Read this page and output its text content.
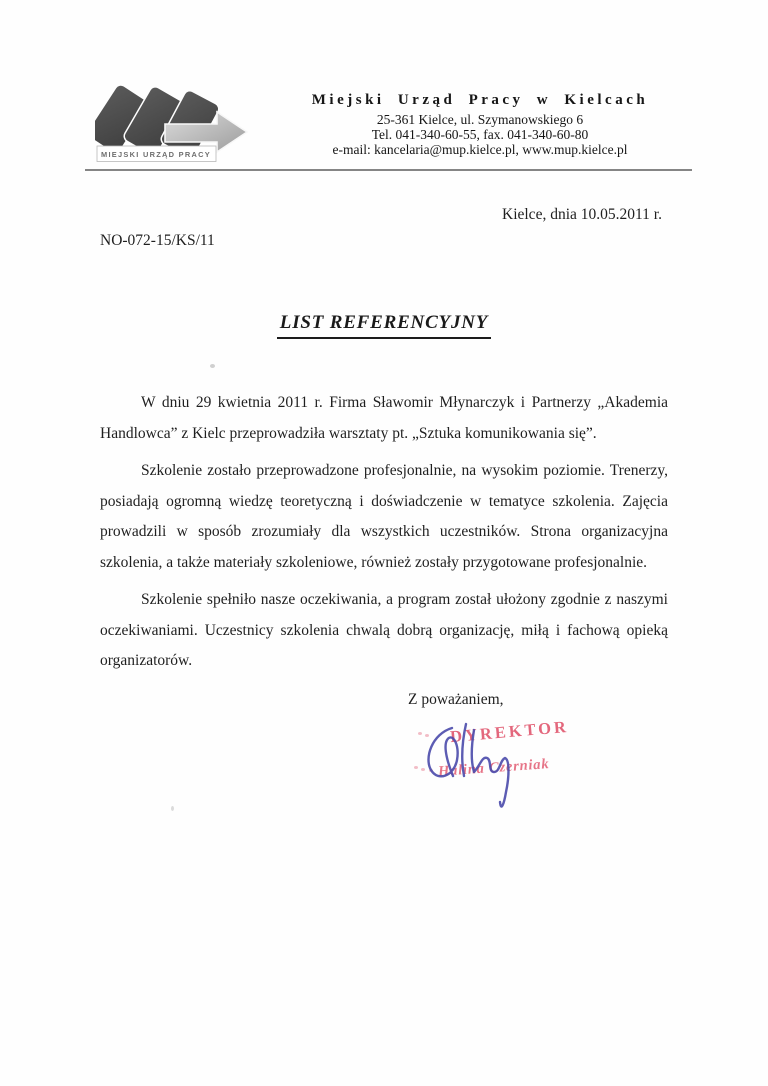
MIEJSKI URZĄD PRACY
Miejski Urząd Pracy w Kielcach
25-361 Kielce, ul. Szymanowskiego 6
Tel. 041-340-60-55, fax. 041-340-60-80
e-mail: kancelaria@mup.kielce.pl, www.mup.kielce.pl
Kielce, dnia 10.05.2011 r.
NO-072-15/KS/11
LIST REFERENCYJNY

W dniu 29 kwietnia 2011 r. Firma Sławomir Młynarczyk i Partnerzy „Akademia Handlowca” z Kielc przeprowadziła warsztaty pt. „Sztuka komunikowania się”.

Szkolenie zostało przeprowadzone profesjonalnie, na wysokim poziomie. Trenerzy, posiadają ogromną wiedzę teoretyczną i doświadczenie w tematyce szkolenia. Zajęcia prowadzili w sposób zrozumiały dla wszystkich uczestników. Strona organizacyjna szkolenia, a także materiały szkoleniowe, również zostały przygotowane profesjonalnie.

Szkolenie spełniło nasze oczekiwania, a program został ułożony zgodnie z naszymi oczekiwaniami. Uczestnicy szkolenia chwalą dobrą organizację, miłą i fachową opieką organizatorów.

Z poważaniem,
DYREKTOR
Halina Czerniak
